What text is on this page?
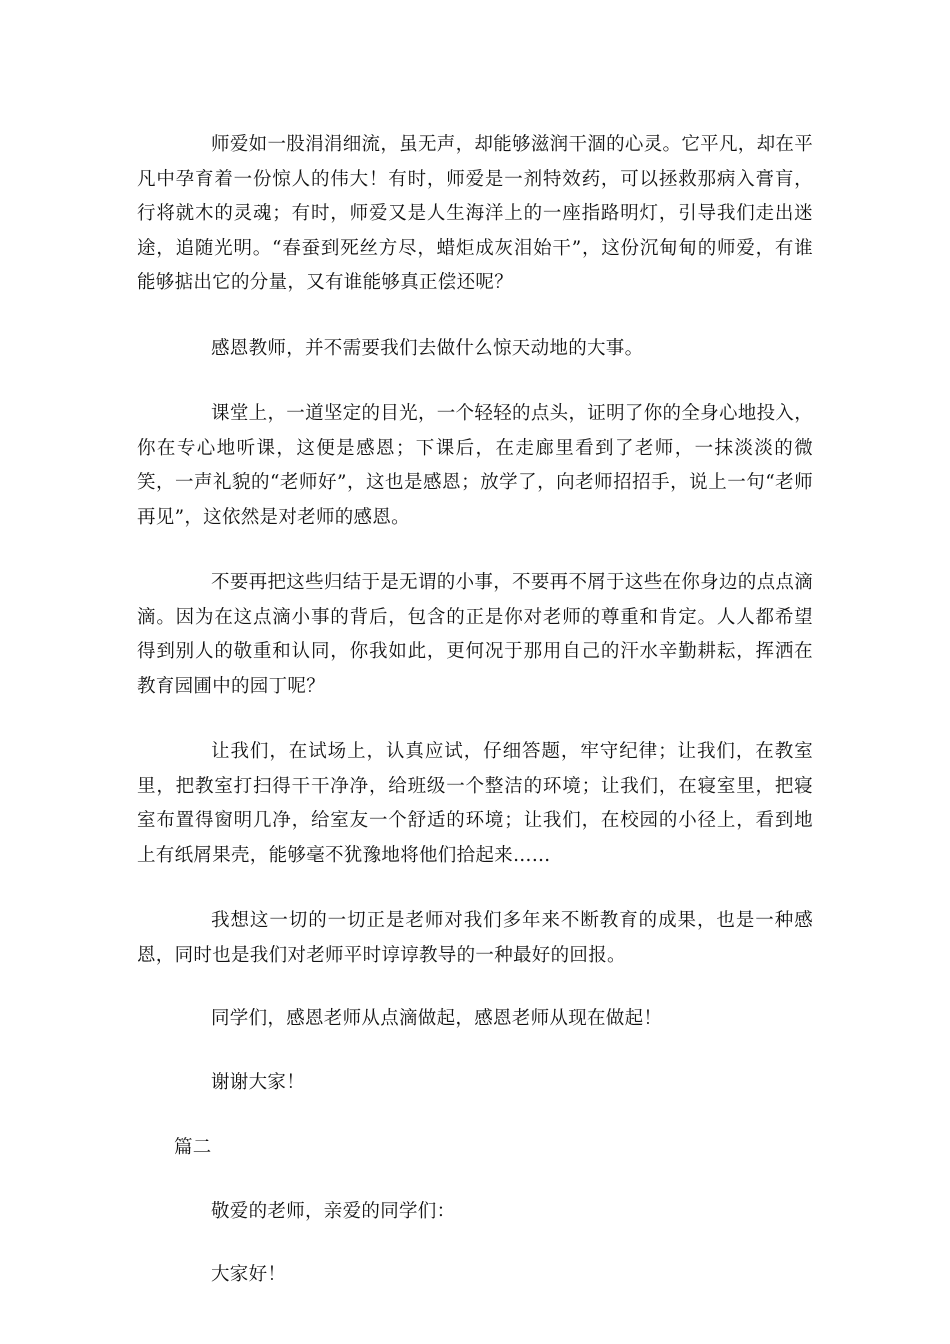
师爱如一股涓涓细流，虽无声，却能够滋润干涸的心灵。它平凡，却在平凡中孕育着一份惊人的伟大！有时，师爱是一剂特效药，可以拯救那病入膏肓，行将就木的灵魂；有时，师爱又是人生海洋上的一座指路明灯，引导我们走出迷途，追随光明。“春蚕到死丝方尽，蜡炬成灰泪始干”，这份沉甸甸的师爱，有谁能够掂出它的分量，又有谁能够真正偿还呢？

感恩教师，并不需要我们去做什么惊天动地的大事。

课堂上，一道坚定的目光，一个轻轻的点头，证明了你的全身心地投入，你在专心地听课，这便是感恩；下课后，在走廊里看到了老师，一抹淡淡的微笑，一声礼貌的“老师好”，这也是感恩；放学了，向老师招招手，说上一句“老师再见”，这依然是对老师的感恩。

不要再把这些归结于是无谓的小事，不要再不屑于这些在你身边的点点滴滴。因为在这点滴小事的背后，包含的正是你对老师的尊重和肯定。人人都希望得到别人的敬重和认同，你我如此，更何况于那用自己的汗水辛勤耕耘，挥洒在教育园圃中的园丁呢？

让我们，在试场上，认真应试，仔细答题，牢守纪律；让我们，在教室里，把教室打扫得干干净净，给班级一个整洁的环境；让我们，在寝室里，把寝室布置得窗明几净，给室友一个舒适的环境；让我们，在校园的小径上，看到地上有纸屑果壳，能够毫不犹豫地将他们拾起来……

我想这一切的一切正是老师对我们多年来不断教育的成果，也是一种感恩，同时也是我们对老师平时谆谆教导的一种最好的回报。

同学们，感恩老师从点滴做起，感恩老师从现在做起！

谢谢大家！

篇二

敬爱的老师，亲爱的同学们：

大家好！
